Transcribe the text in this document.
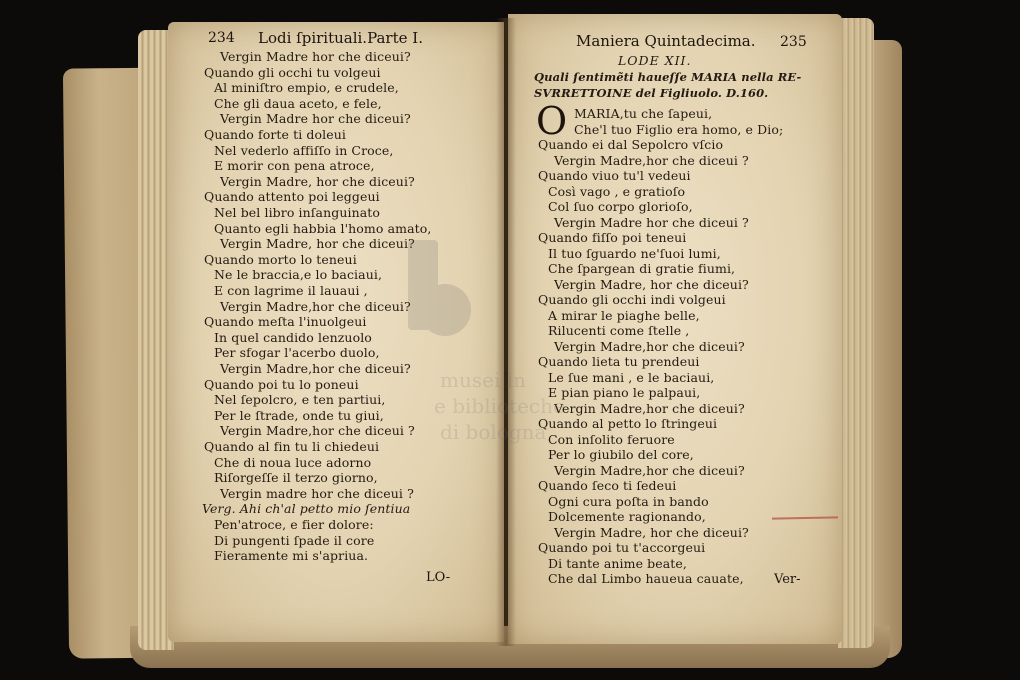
234 Lodi ſpirituali.Parte I.
LO-
Vergin Madre hor che diceui?
Quando gli occhi tu volgeui
Al miniſtro empio, e crudele,
Che gli daua aceto, e fele,
Vergin Madre hor che diceui?
Quando forte ti doleui
Nel vederlo affiſſo in Croce,
E morir con pena atroce,
Vergin Madre, hor che diceui?
Quando attento poi leggeui
Nel bel libro inſanguinato
Quanto egli habbia l'homo amato,
Vergin Madre, hor che diceui?
Quando morto lo teneui
Ne le braccia,e lo baciaui,
E con lagrime il lauaui ,
Vergin Madre,hor che diceui?
Quando meſta l'inuolgeui
In quel candido lenzuolo
Per sfogar l'acerbo duolo,
Vergin Madre,hor che diceui?
Quando poi tu lo poneui
Nel ſepolcro, e ten partiui,
Per le ſtrade, onde tu giui,
Vergin Madre,hor che diceui ?
Quando al fin tu li chiedeui
Che di noua luce adorno
Riſorgeſſe il terzo giorno,
Vergin madre hor che diceui ?
Verg. Ahi ch'al petto mio ſentiua
Pen'atroce, e fier dolore:
Di pungenti ſpade il core
Fieramente mi s'apriua.
Maniera Quintadecima. 235
LODE XII.
Quali ſentimẽti haueſſe MARIA nella RE-
SVRRETTOINE del Figliuolo. D.160.
O
Ver-
MARIA,tu che ſapeui,
Che'l tuo Figlio era homo, e Dio;
Quando ei dal Sepolcro vſcio
Vergin Madre,hor che diceui ?
Quando viuo tu'l vedeui
Così vago , e gratioſo
Col ſuo corpo glorioſo,
Vergin Madre hor che diceui ?
Quando fiſſo poi teneui
Il tuo ſguardo ne'ſuoi lumi,
Che ſpargean di gratie fiumi,
Vergin Madre, hor che diceui?
Quando gli occhi indi volgeui
A mirar le piaghe belle,
Rilucenti come ſtelle ,
Vergin Madre,hor che diceui?
Quando lieta tu prendeui
Le ſue mani , e le baciaui,
E pian piano le palpaui,
Vergin Madre,hor che diceui?
Quando al petto lo ſtringeui
Con inſolito feruore
Per lo giubilo del core,
Vergin Madre,hor che diceui?
Quando ſeco ti ſedeui
Ogni cura poſta in bando
Dolcemente ragionando,
Vergin Madre, hor che diceui?
Quando poi tu t'accorgeui
Di tante anime beate,
Che dal Limbo haueua cauate,
